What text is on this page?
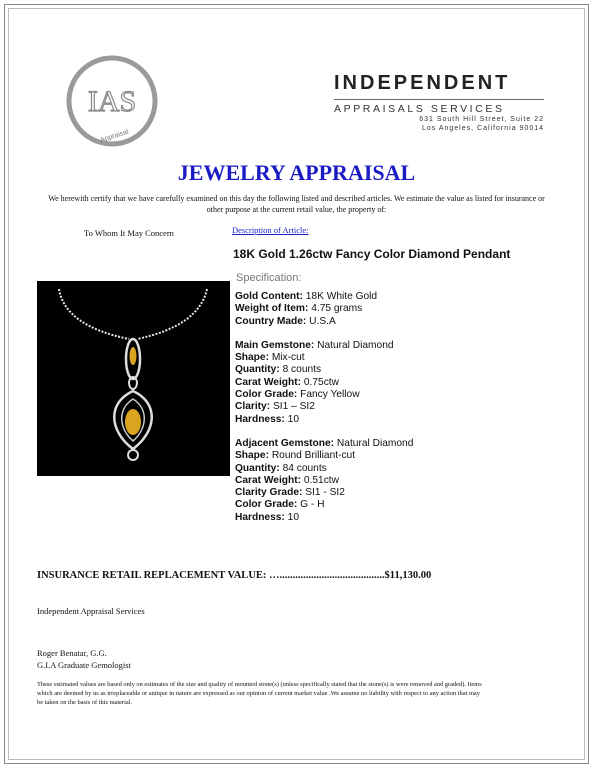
IAS
Appraisal
INDEPENDENT
APPRAISALS SERVICES
631 South Hill Street, Suite 22
Los Angeles, California 90014
JEWELRY APPRAISAL
We herewith certify that we have carefully examined on this day the following listed and described articles. We estimate the value as listed for insurance or other purpose at the current retail value, the property of:
To Whom It May Concern	Description of Article:
18K Gold 1.26ctw Fancy Color Diamond Pendant
Specification:
Gold Content: 18K White Gold
Weight of Item: 4.75 grams
Country Made: U.S.A
Main Gemstone: Natural Diamond
Shape: Mix-cut
Quantity: 8 counts
Carat Weight: 0.75ctw
Color Grade: Fancy Yellow
Clarity: SI1 – SI2
Hardness: 10
Adjacent Gemstone: Natural Diamond
Shape: Round Brilliant-cut
Quantity: 84 counts
Carat Weight: 0.51ctw
Clarity Grade: SI1 - SI2
Color Grade: G - H
Hardness: 10
INSURANCE RETAIL REPLACEMENT VALUE: …........................................$11,130.00
Independent Appraisal Services
Roger Benatar, G.G.
G.I.A Graduate Gemologist
These estimated values are based only on estimates of the size and quality of mounted stone(s) (unless specifically stated that the stone(s) is were removed and graded). Items which are deemed by us as irreplaceable or antique in nature are expressed as our opinion of current market value .We assume no liability with respect to any action that may be taken on the basis of this material.
